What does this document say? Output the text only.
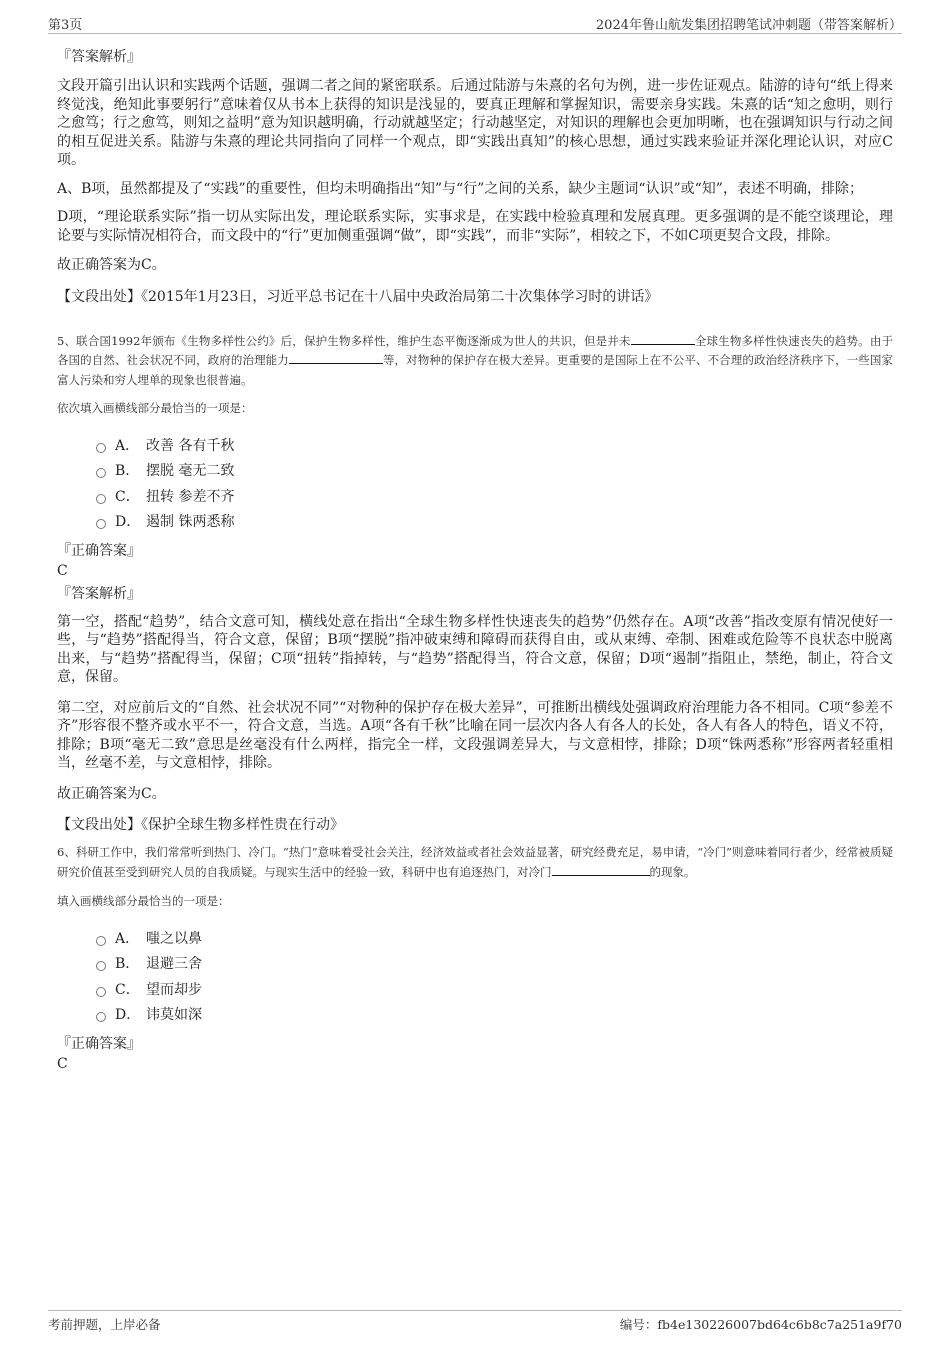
第3页	2024年鲁山航发集团招聘笔试冲刺题（带答案解析）

『答案解析』

文段开篇引出认识和实践两个话题，强调二者之间的紧密联系。后通过陆游与朱熹的名句为例，进一步佐证观点。陆游的诗句“纸上得来终觉浅，绝知此事要躬行”意味着仅从书本上获得的知识是浅显的，要真正理解和掌握知识，需要亲身实践。朱熹的话“知之愈明，则行之愈笃；行之愈笃，则知之益明”意为知识越明确，行动就越坚定；行动越坚定，对知识的理解也会更加明晰，也在强调知识与行动之间的相互促进关系。陆游与朱熹的理论共同指向了同样一个观点，即“实践出真知”的核心思想，通过实践来验证并深化理论认识，对应C项。

A、B项，虽然都提及了“实践”的重要性，但均未明确指出“知”与“行”之间的关系，缺少主题词“认识”或“知”，表述不明确，排除；

D项，“理论联系实际”指一切从实际出发，理论联系实际，实事求是，在实践中检验真理和发展真理。更多强调的是不能空谈理论，理论要与实际情况相符合，而文段中的“行”更加侧重强调“做”，即“实践”，而非“实际”，相较之下，不如C项更契合文段，排除。

故正确答案为C。

【文段出处】《2015年1月23日，习近平总书记在十八届中央政治局第二十次集体学习时的讲话》

5、联合国1992年颁布《生物多样性公约》后，保护生物多样性，维护生态平衡逐渐成为世人的共识，但是并未	全球生物多样性快速丧失的趋势。由于各国的自然、社会状况不同，政府的治理能力	等，对物种的保护存在极大差异。更重要的是国际上在不公平、不合理的政治经济秩序下，一些国家富人污染和穷人埋单的现象也很普遍。

依次填入画横线部分最恰当的一项是：

A． 改善 各有千秋
B． 摆脱 毫无二致
C． 扭转 参差不齐
D． 遏制 铢两悉称

『正确答案』

C

『答案解析』

第一空，搭配“趋势”，结合文意可知，横线处意在指出“全球生物多样性快速丧失的趋势”仍然存在。A项“改善”指改变原有情况使好一些，与“趋势”搭配得当，符合文意，保留；B项“摆脱”指冲破束缚和障碍而获得自由，或从束缚、牵制、困难或危险等不良状态中脱离出来，与“趋势”搭配得当，保留；C项“扭转”指掉转，与“趋势”搭配得当，符合文意，保留；D项“遏制”指阻止，禁绝，制止，符合文意，保留。

第二空，对应前后文的“自然、社会状况不同”“对物种的保护存在极大差异”，可推断出横线处强调政府治理能力各不相同。C项“参差不齐”形容很不整齐或水平不一，符合文意，当选。A项“各有千秋”比喻在同一层次内各人有各人的长处，各人有各人的特色，语义不符，排除；B项“毫无二致”意思是丝毫没有什么两样，指完全一样，文段强调差异大，与文意相悖，排除；D项“铢两悉称”形容两者轻重相当，丝毫不差，与文意相悖，排除。

故正确答案为C。

【文段出处】《保护全球生物多样性贵在行动》

6、科研工作中，我们常常听到热门、冷门。“热门”意味着受社会关注，经济效益或者社会效益显著，研究经费充足，易申请，“冷门”则意味着同行者少，经常被质疑研究价值甚至受到研究人员的自我质疑。与现实生活中的经验一致，科研中也有追逐热门，对冷门	的现象。

填入画横线部分最恰当的一项是：

A． 嗤之以鼻
B． 退避三舍
C． 望而却步
D． 讳莫如深

『正确答案』

C

考前押题，上岸必备	编号：fb4e130226007bd64c6b8c7a251a9f70
